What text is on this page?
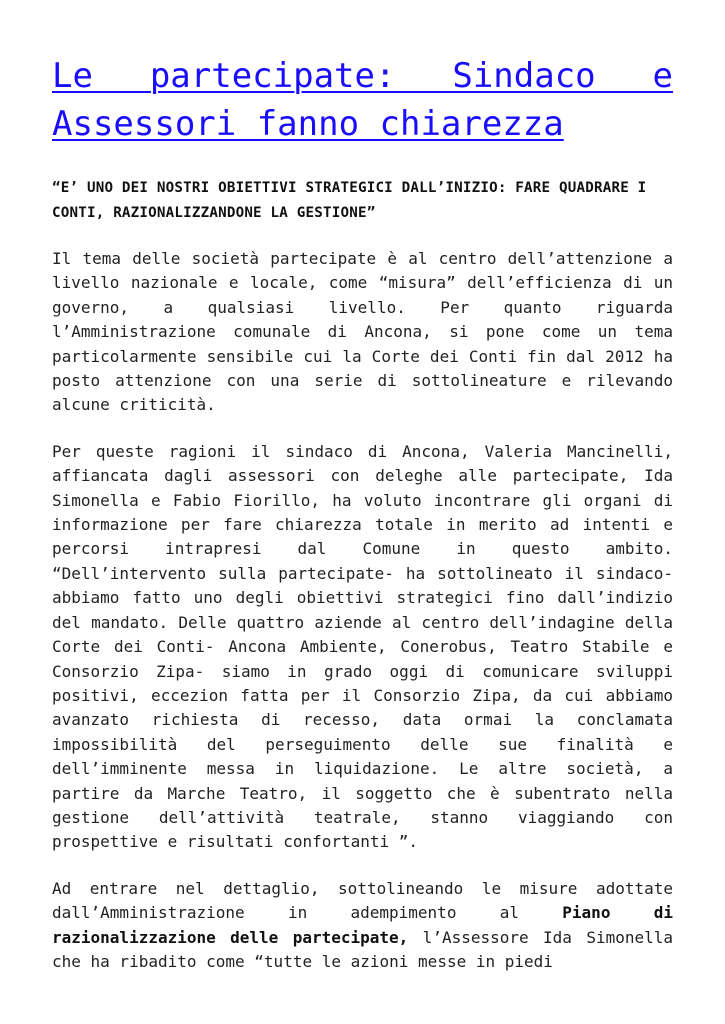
Le partecipate: Sindaco e Assessori fanno chiarezza

“E’ UNO DEI NOSTRI OBIETTIVI STRATEGICI DALL’INIZIO: FARE QUADRARE I CONTI, RAZIONALIZZANDONE LA GESTIONE”

Il tema delle società partecipate è al centro dell’attenzione a livello nazionale e locale, come “misura” dell’efficienza di un governo, a qualsiasi livello. Per quanto riguarda l’Amministrazione comunale di Ancona, si pone come un tema particolarmente sensibile cui la Corte dei Conti fin dal 2012 ha posto attenzione con una serie di sottolineature e rilevando alcune criticità.

Per queste ragioni il sindaco di Ancona, Valeria Mancinelli, affiancata dagli assessori con deleghe alle partecipate, Ida Simonella e Fabio Fiorillo, ha voluto incontrare gli organi di informazione per fare chiarezza totale in merito ad intenti e percorsi intrapresi dal Comune in questo ambito. “Dell’intervento sulla partecipate- ha sottolineato il sindaco- abbiamo fatto uno degli obiettivi strategici fino dall’indizio del mandato. Delle quattro aziende al centro dell’indagine della Corte dei Conti- Ancona Ambiente, Conerobus, Teatro Stabile e Consorzio Zipa- siamo in grado oggi di comunicare sviluppi positivi, eccezion fatta per il Consorzio Zipa, da cui abbiamo avanzato richiesta di recesso, data ormai la conclamata impossibilità del perseguimento delle sue finalità e dell’imminente messa in liquidazione. Le altre società, a partire da Marche Teatro, il soggetto che è subentrato nella gestione dell’attività teatrale, stanno viaggiando con prospettive e risultati confortanti ”.

Ad entrare nel dettaglio, sottolineando le misure adottate dall’Amministrazione in adempimento al Piano di razionalizzazione delle partecipate, l’Assessore Ida Simonella che ha ribadito come “tutte le azioni messe in piedi
